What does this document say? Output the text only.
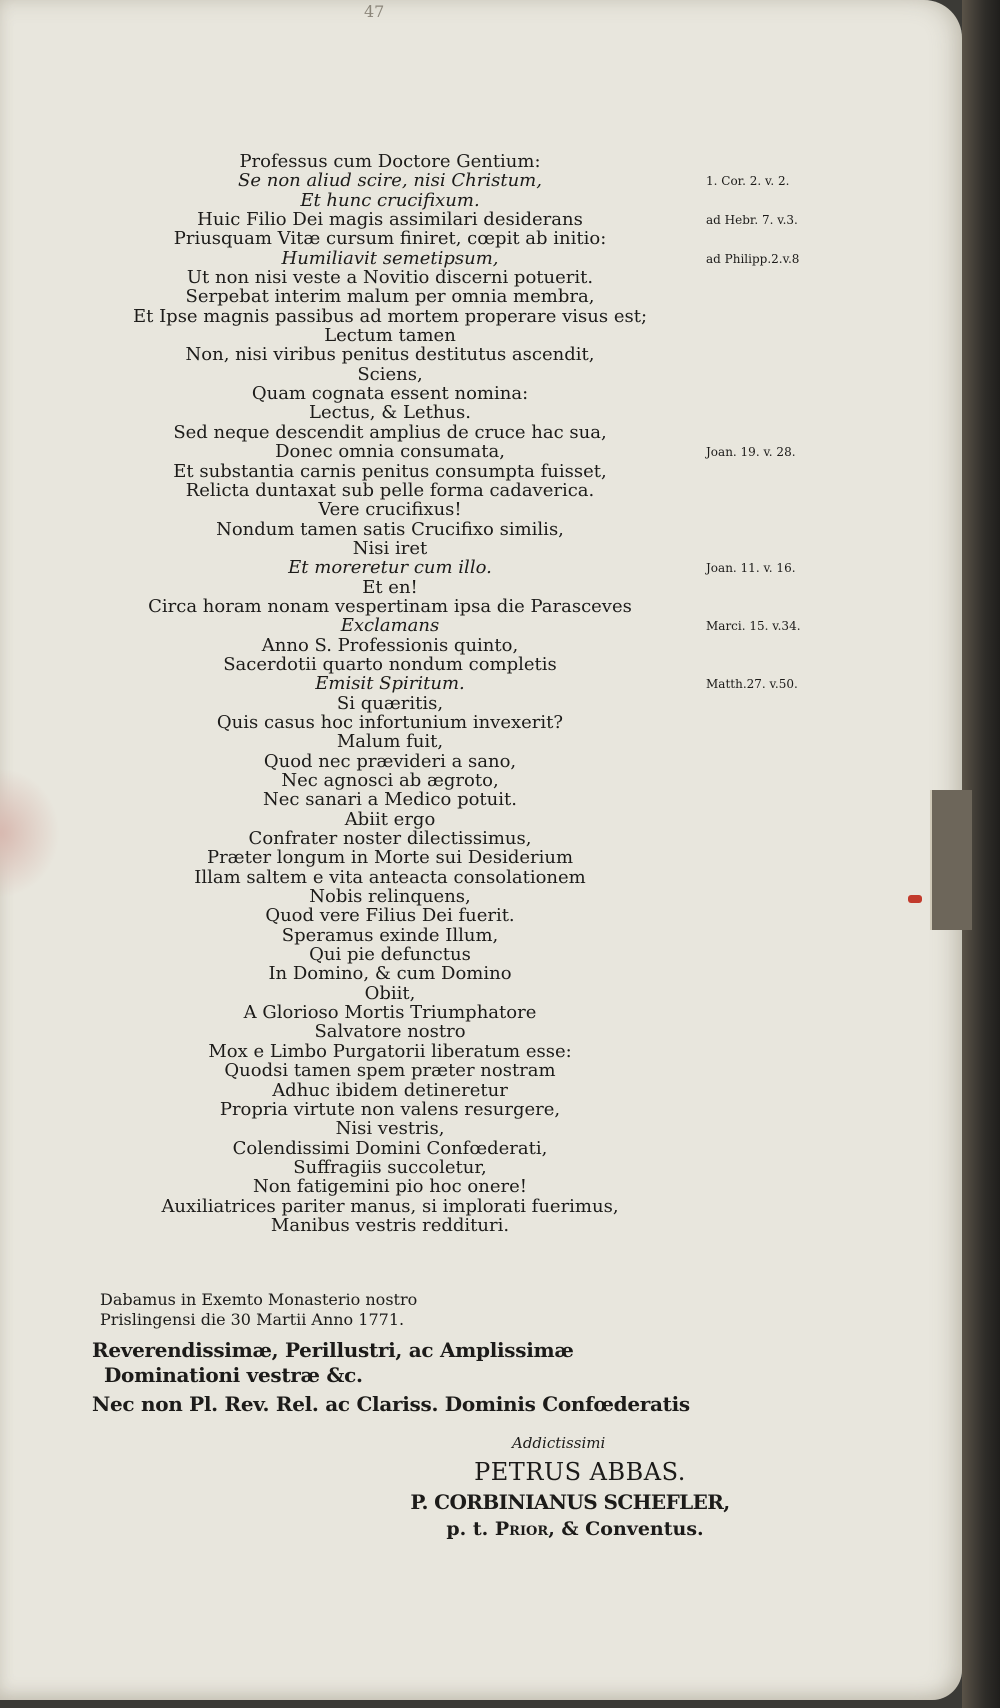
47
Professus cum Doctore Gentium:
Se non aliud scire, nisi Christum,
Et hunc crucifixum.
Huic Filio Dei magis assimilari desiderans
Priusquam Vitæ cursum finiret, cœpit ab initio:
Humiliavit semetipsum,
Ut non nisi veste a Novitio discerni potuerit.
Serpebat interim malum per omnia membra,
Et Ipse magnis passibus ad mortem properare visus est;
Lectum tamen
Non, nisi viribus penitus destitutus ascendit,
Sciens,
Quam cognata essent nomina:
Lectus, & Lethus.
Sed neque descendit amplius de cruce hac sua,
Donec omnia consumata,
Et substantia carnis penitus consumpta fuisset,
Relicta duntaxat sub pelle forma cadaverica.
Vere crucifixus!
Nondum tamen satis Crucifixo similis,
Nisi iret
Et moreretur cum illo.
Et en!
Circa horam nonam vespertinam ipsa die Parasceves
Exclamans
Anno S. Professionis quinto,
Sacerdotii quarto nondum completis
Emisit Spiritum.
Si quæritis,
Quis casus hoc infortunium invexerit?
Malum fuit,
Quod nec prævideri a sano,
Nec agnosci ab ægroto,
Nec sanari a Medico potuit.
Abiit ergo
Confrater noster dilectissimus,
Præter longum in Morte sui Desiderium
Illam saltem e vita anteacta consolationem
Nobis relinquens,
Quod vere Filius Dei fuerit.
Speramus exinde Illum,
Qui pie defunctus
In Domino, & cum Domino
Obiit,
A Glorioso Mortis Triumphatore
Salvatore nostro
Mox e Limbo Purgatorii liberatum esse:
Quodsi tamen spem præter nostram
Adhuc ibidem detineretur
Propria virtute non valens resurgere,
Nisi vestris,
Colendissimi Domini Confœderati,
Suffragiis succoletur,
Non fatigemini pio hoc onere!
Auxiliatrices pariter manus, si implorati fuerimus,
Manibus vestris reddituri.
1. Cor. 2. v. 2.
ad Hebr. 7. v.3.
ad Philipp.2.v.8
Joan. 19. v. 28.
Joan. 11. v. 16.
Marci. 15. v.34.
Matth.27. v.50.
Dabamus in Exemto Monasterio nostro
Prislingensi die 30 Martii Anno 1771.
Reverendissimæ, Perillustri, ac Amplissimæ
Dominationi vestræ &c.
Nec non Pl. Rev. Rel. ac Clariss. Dominis Confœderatis
Addictissimi
PETRUS ABBAS.
P. CORBINIANUS SCHEFLER,
p. t. Prior, & Conventus.
